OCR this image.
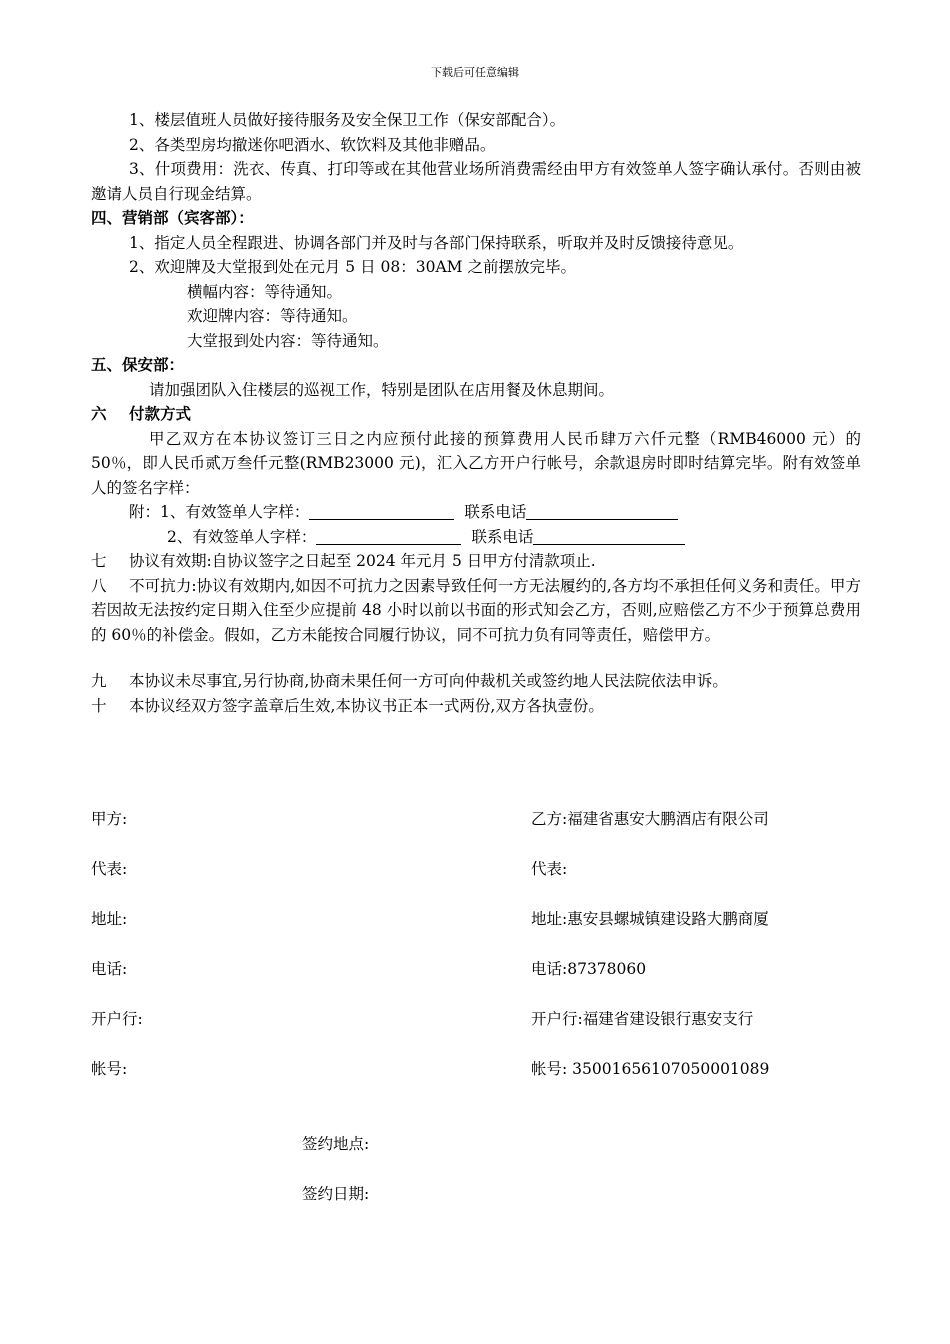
下载后可任意编辑

1、楼层值班人员做好接待服务及安全保卫工作（保安部配合）。

2、各类型房均撤迷你吧酒水、软饮料及其他非赠品。

3、什项费用：洗衣、传真、打印等或在其他营业场所消费需经由甲方有效签单人签字确认承付。否则由被邀请人员自行现金结算。

四、营销部（宾客部）：

1、指定人员全程跟进、协调各部门并及时与各部门保持联系，听取并及时反馈接待意见。

2、欢迎牌及大堂报到处在元月 5 日 08：30AM 之前摆放完毕。

横幅内容：等待通知。

欢迎牌内容：等待通知。

大堂报到处内容：等待通知。

五、保安部：

请加强团队入住楼层的巡视工作，特别是团队在店用餐及休息期间。

六 付款方式

甲乙双方在本协议签订三日之内应预付此接的预算费用人民币肆万六仟元整（RMB46000 元）的 50％，即人民币贰万叁仟元整(RMB23000 元)，汇入乙方开户行帐号，余款退房时即时结算完毕。附有效签单人的签名字样：

附：1、有效签单人字样：	联系电话

2、有效签单人字样：	联系电话

七 协议有效期:自协议签字之日起至 2024 年元月 5 日甲方付清款项止.

八 不可抗力:协议有效期内,如因不可抗力之因素导致任何一方无法履约的,各方均不承担任何义务和责任。甲方若因故无法按约定日期入住至少应提前 48 小时以前以书面的形式知会乙方，否则,应赔偿乙方不少于预算总费用的 60％的补偿金。假如，乙方未能按合同履行协议，同不可抗力负有同等责任，赔偿甲方。

九 本协议未尽事宜,另行协商,协商未果任何一方可向仲裁机关或签约地人民法院依法申诉。

十 本协议经双方签字盖章后生效,本协议书正本一式两份,双方各执壹份。

甲方:	乙方:福建省惠安大鹏酒店有限公司
代表:	代表:
地址:	地址:惠安县螺城镇建设路大鹏商厦
电话:	电话:87378060
开户行:	开户行:福建省建设银行惠安支行
帐号:	帐号: 35001656107050001089
签约地点:
签约日期:
